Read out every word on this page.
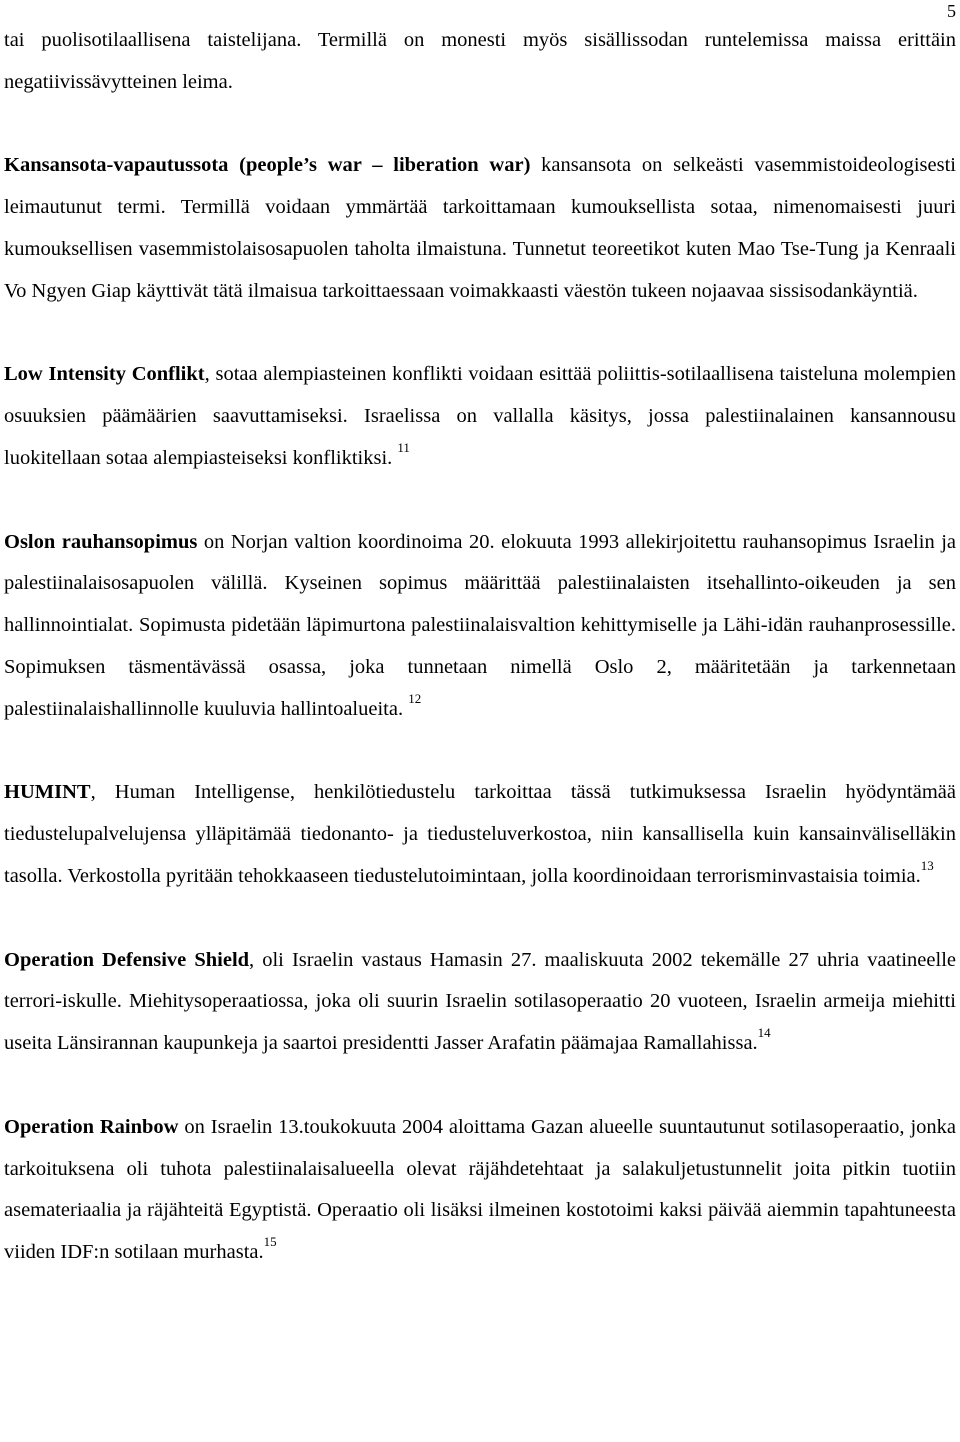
5

tai puolisotilaallisena taistelijana. Termillä on monesti myös sisällissodan runtelemissa maissa erittäin negatiivissävytteinen leima.

Kansansota-vapautussota (people’s war – liberation war) kansansota on selkeästi vasemmistoideologisesti leimautunut termi. Termillä voidaan ymmärtää tarkoittamaan kumouksellista sotaa, nimenomaisesti juuri kumouksellisen vasemmistolaisosapuolen taholta ilmaistuna. Tunnetut teoreetikot kuten Mao Tse-Tung ja Kenraali Vo Ngyen Giap käyttivät tätä ilmaisua tarkoittaessaan voimakkaasti väestön tukeen nojaavaa sissisodankäyntiä.

Low Intensity Conflikt, sotaa alempiasteinen konflikti voidaan esittää poliittis-sotilaallisena taisteluna molempien osuuksien päämäärien saavuttamiseksi. Israelissa on vallalla käsitys, jossa palestiinalainen kansannousu luokitellaan sotaa alempiasteiseksi konfliktiksi. $^{11}$

Oslon rauhansopimus on Norjan valtion koordinoima 20. elokuuta 1993 allekirjoitettu rauhansopimus Israelin ja palestiinalaisosapuolen välillä. Kyseinen sopimus määrittää palestiinalaisten itsehallinto-oikeuden ja sen hallinnointialat. Sopimusta pidetään läpimurtona palestiinalaisvaltion kehittymiselle ja Lähi-idän rauhanprosessille. Sopimuksen täsmentävässä osassa, joka tunnetaan nimellä Oslo 2, määritetään ja tarkennetaan palestiinalaishallinnolle kuuluvia hallintoalueita. $^{12}$

HUMINT, Human Intelligense, henkilötiedustelu tarkoittaa tässä tutkimuksessa Israelin hyödyntämää tiedustelupalvelujensa ylläpitämää tiedonanto- ja tiedusteluverkostoa, niin kansallisella kuin kansainväliselläkin tasolla. Verkostolla pyritään tehokkaaseen tiedustelutoimintaan, jolla koordinoidaan terrorisminvastaisia toimia.$^{13}$

Operation Defensive Shield, oli Israelin vastaus Hamasin 27. maaliskuuta 2002 tekemälle 27 uhria vaatineelle terrori-iskulle. Miehitysoperaatiossa, joka oli suurin Israelin sotilasoperaatio 20 vuoteen, Israelin armeija miehitti useita Länsirannan kaupunkeja ja saartoi presidentti Jasser Arafatin päämajaa Ramallahissa.$^{14}$

Operation Rainbow on Israelin 13.toukokuuta 2004 aloittama Gazan alueelle suuntautunut sotilasoperaatio, jonka tarkoituksena oli tuhota palestiinalaisalueella olevat räjähdetehtaat ja salakuljetustunnelit joita pitkin tuotiin asemateriaalia ja räjähteitä Egyptistä. Operaatio oli lisäksi ilmeinen kostotoimi kaksi päivää aiemmin tapahtuneesta viiden IDF:n sotilaan murhasta.$^{15}$
